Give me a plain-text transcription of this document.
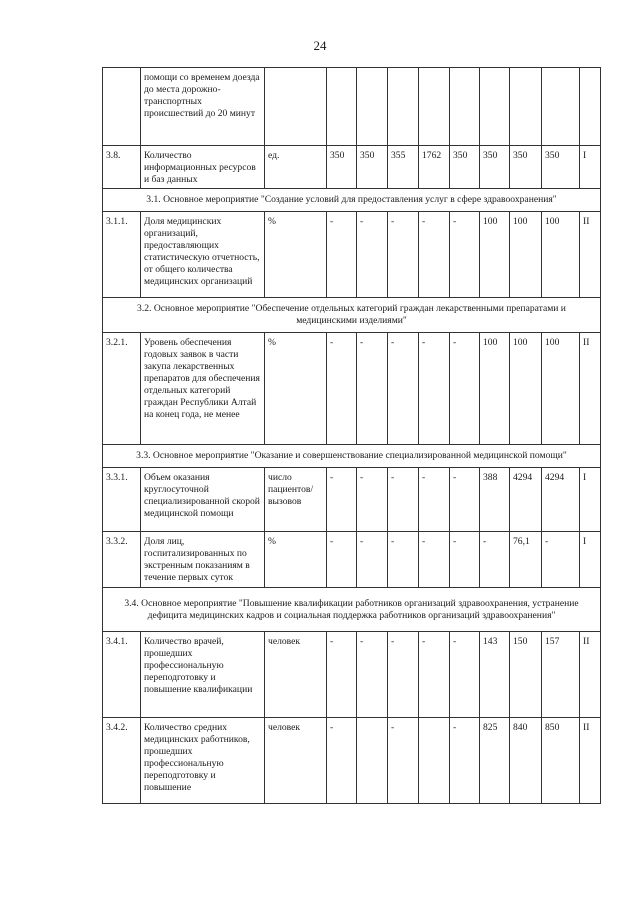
24
	помощи со временем доезда до места дорожно-транспортных происшествий до 20 минут										
3.8.	Количество информационных ресурсов и баз данных	ед.	350	350	355	1762	350	350	350	350	I
3.1. Основное мероприятие "Создание условий для предоставления услуг в сфере здравоохранения"											
3.1.1.	Доля медицинских организаций, предоставляющих статистическую отчетность, от общего количества медицинских организаций	%	-	-	-	-	-	100	100	100	II
3.2. Основное мероприятие "Обеспечение отдельных категорий граждан лекарственными препаратами и медицинскими изделиями"											
3.2.1.	Уровень обеспечения годовых заявок в части закупа лекарственных препаратов для обеспечения отдельных категорий граждан Республики Алтай на конец года, не менее	%	-	-	-	-	-	100	100	100	II
3.3. Основное мероприятие "Оказание и совершенствование специализированной медицинской помощи"											
3.3.1.	Объем оказания круглосуточной специализированной скорой медицинской помощи	число пациентов/ вызовов	-	-	-	-	-	388	4294	4294	I
3.3.2.	Доля лиц, госпитализированных по экстренным показаниям в течение первых суток	%	-	-	-	-	-	-	76,1	-	I
3.4. Основное мероприятие "Повышение квалификации работников организаций здравоохранения, устранение дефицита медицинских кадров и социальная поддержка работников организаций здравоохранения"											
3.4.1.	Количество врачей, прошедших профессиональную переподготовку и повышение квалификации	человек	-	-	-	-	-	143	150	157	II
3.4.2.	Количество средних медицинских работников, прошедших профессиональную переподготовку и повышение	человек	-		-		-	825	840	850	II
